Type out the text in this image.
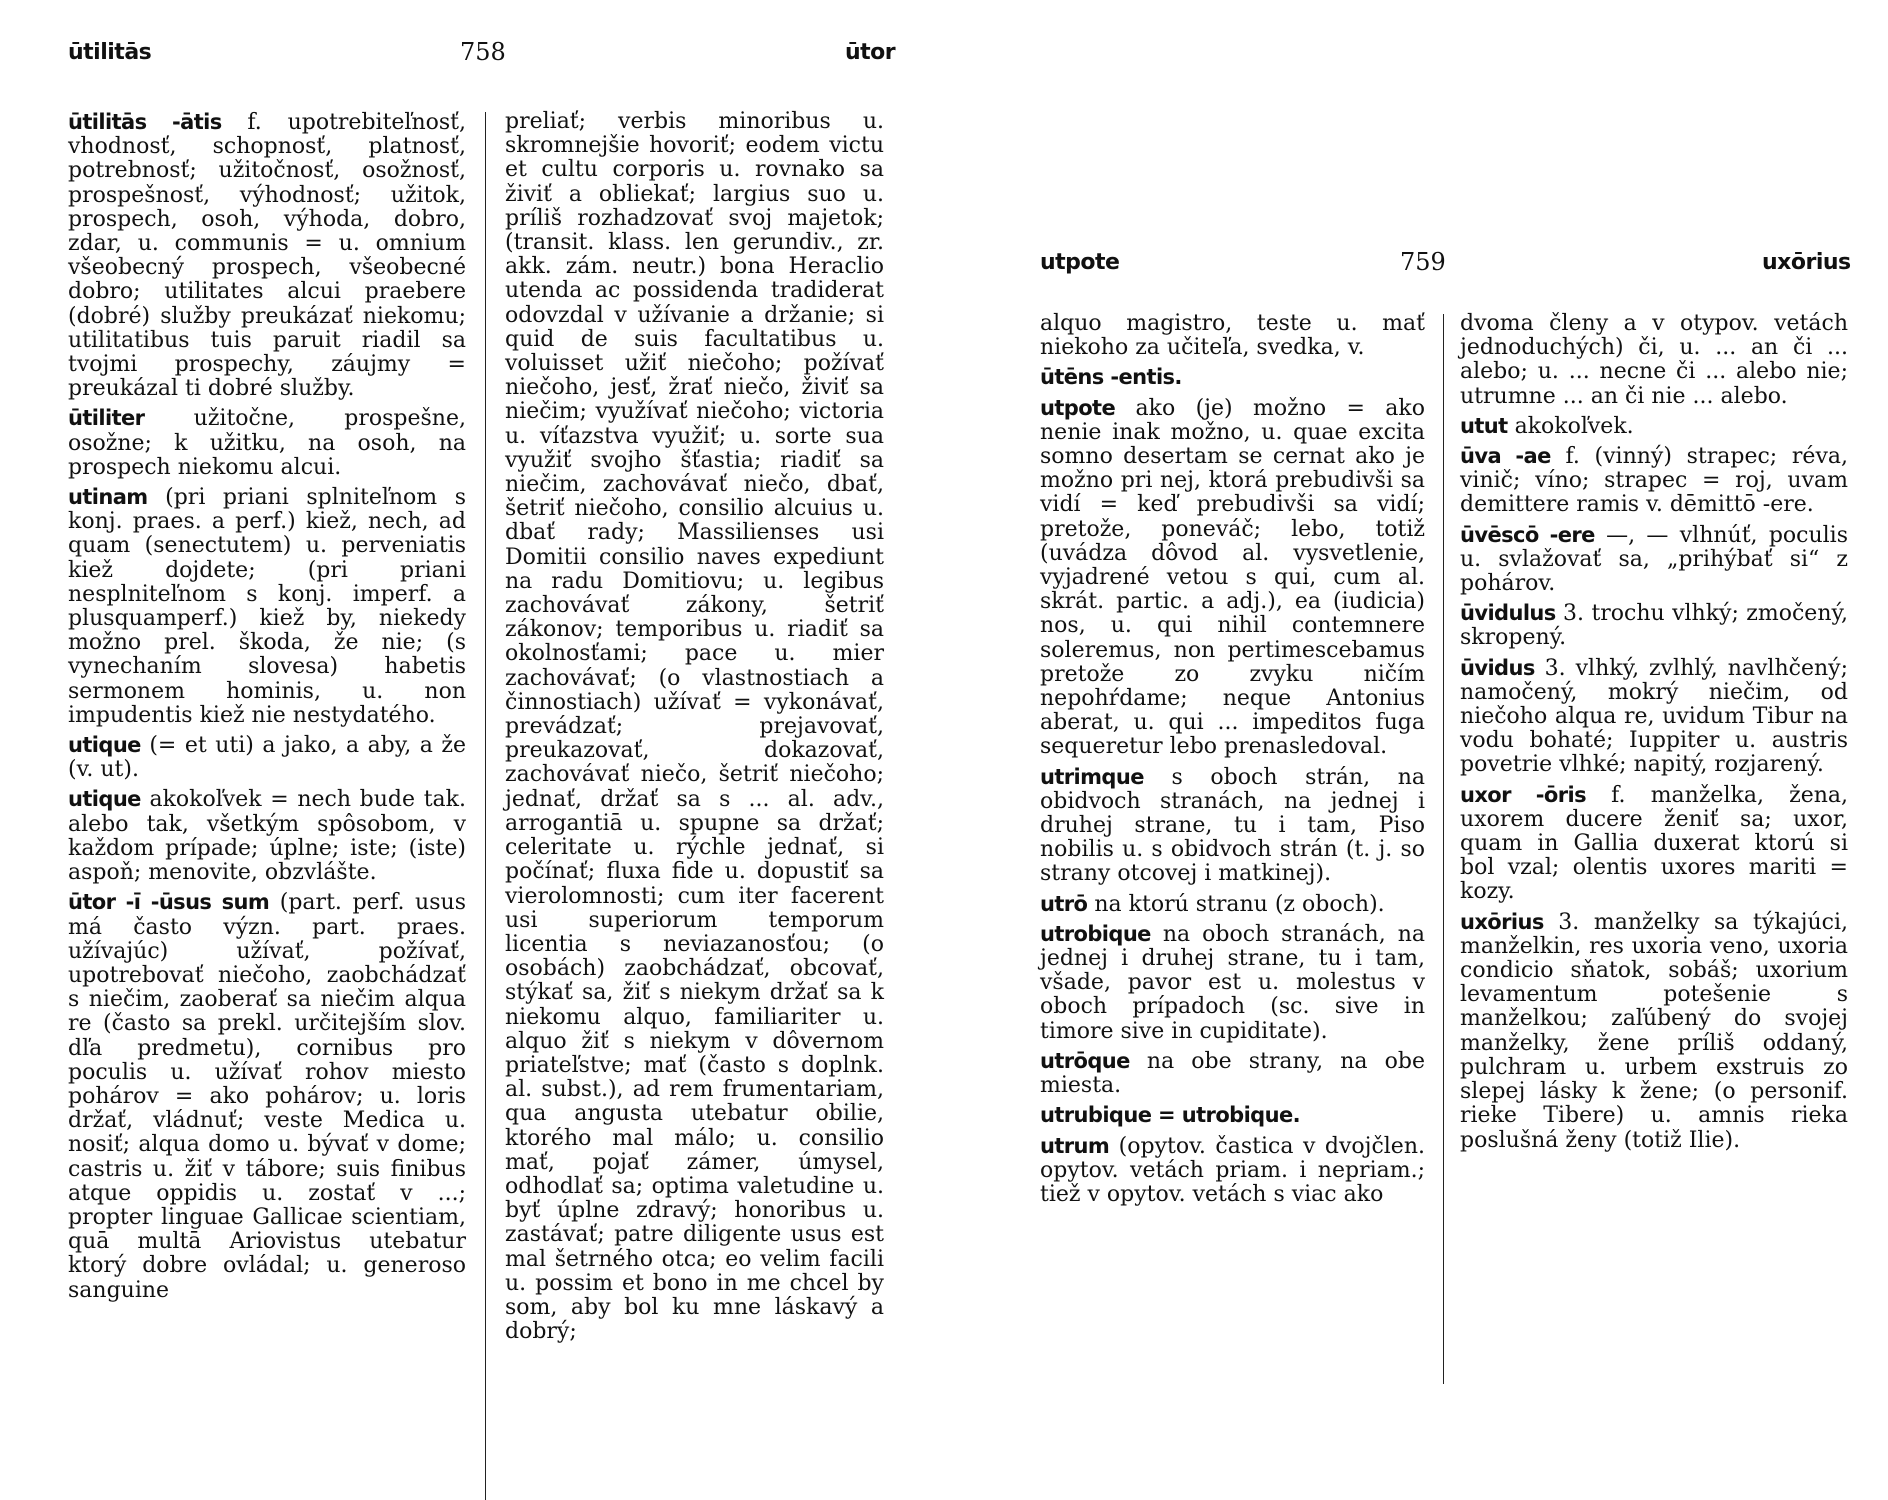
ūtilitās	758	ūtor

ūtilitās -ātis f. upotrebiteľnosť, vhodnosť, schopnosť, platnosť, potrebnosť; užitočnosť, osožnosť, prospešnosť, výhodnosť; užitok, prospech, osoh, výhoda, dobro, zdar, u. communis = u. omnium všeobecný prospech, všeobecné dobro; utilitates alcui praebere (dobré) služby preukázať niekomu; utilitatibus tuis paruit riadil sa tvojmi prospechy, záujmy = preukázal ti dobré služby.

ūtiliter užitočne, prospešne, osožne; k užitku, na osoh, na prospech niekomu alcui.

utinam (pri priani splniteľnom s konj. praes. a perf.) kiež, nech, ad quam (senectutem) u. perveniatis kiež dojdete; (pri priani nesplniteľnom s konj. imperf. a plusquamperf.) kiež by, niekedy možno prel. škoda, že nie; (s vynechaním slovesa) habetis sermonem hominis, u. non impudentis kiež nie nestydatého.

utique (= et uti) a jako, a aby, a že (v. ut).

utique akokoľvek = nech bude tak. alebo tak, všetkým spôsobom, v každom prípade; úplne; iste; (iste) aspoň; menovite, obzvlášte.

ūtor -ī -ūsus sum (part. perf. usus má často význ. part. praes. užívajúc) užívať, požívať, upotrebovať niečoho, zaobchádzať s niečim, zaoberať sa niečim alqua re (často sa prekl. určitejším slov. dľa predmetu), cornibus pro poculis u. užívať rohov miesto pohárov = ako pohárov; u. loris držať, vládnuť; veste Medica u. nosiť; alqua domo u. bývať v dome; castris u. žiť v tábore; suis finibus atque oppidis u. zostať v ...; propter linguae Gallicae scientiam, quā multā Ariovistus utebatur ktorý dobre ovládal; u. generoso sanguine

preliať; verbis minoribus u. skromnejšie hovoriť; eodem victu et cultu corporis u. rovnako sa živiť a obliekať; largius suo u. príliš rozhadzovať svoj majetok; (transit. klass. len gerundiv., zr. akk. zám. neutr.) bona Heraclio utenda ac possidenda tradiderat odovzdal v užívanie a držanie; si quid de suis facultatibus u. voluisset užiť niečoho; požívať niečoho, jesť, žrať niečo, živiť sa niečim; využívať niečoho; victoria u. víťazstva využiť; u. sorte sua využiť svojho šťastia; riadiť sa niečim, zachovávať niečo, dbať, šetriť niečoho, consilio alcuius u. dbať rady; Massilienses usi Domitii consilio naves expediunt na radu Domitiovu; u. legibus zachovávať zákony, šetriť zákonov; temporibus u. riadiť sa okolnosťami; pace u. mier zachovávať; (o vlastnostiach a činnostiach) užívať = vykonávať, prevádzať; prejavovať, preukazovať, dokazovať, zachovávať niečo, šetriť niečoho; jednať, držať sa s ... al. adv., arrogantiā u. spupne sa držať; celeritate u. rýchle jednať, si počínať; fluxa fide u. dopustiť sa vierolomnosti; cum iter facerent usi superiorum temporum licentia s neviazanosťou; (o osobách) zaobchádzať, obcovať, stýkať sa, žiť s niekym držať sa k niekomu alquo, familiariter u. alquo žiť s niekym v dôvernom priateľstve; mať (často s doplnk. al. subst.), ad rem frumentariam, qua angusta utebatur obilie, ktorého mal málo; u. consilio mať, pojať zámer, úmysel, odhodlať sa; optima valetudine u. byť úplne zdravý; honoribus u. zastávať; patre diligente usus est mal šetrného otca; eo velim facili u. possim et bono in me chcel by som, aby bol ku mne láskavý a dobrý;

utpote	759	uxōrius

alquo magistro, teste u. mať niekoho za učiteľa, svedka, v.

ūtēns -entis.

utpote ako (je) možno = ako nenie inak možno, u. quae excita somno desertam se cernat ako je možno pri nej, ktorá prebudivši sa vidí = keď prebudivši sa vidí; pretože, poneváč; lebo, totiž (uvádza dôvod al. vysvetlenie, vyjadrené vetou s qui, cum al. skrát. partic. a adj.), ea (iudicia) nos, u. qui nihil contemnere soleremus, non pertimescebamus pretože zo zvyku ničím nepohŕdame; neque Antonius aberat, u. qui ... impeditos fuga sequeretur lebo prenasledoval.

utrimque s oboch strán, na obidvoch stranách, na jednej i druhej strane, tu i tam, Piso nobilis u. s obidvoch strán (t. j. so strany otcovej i matkinej).

utrō na ktorú stranu (z oboch).

utrobique na oboch stranách, na jednej i druhej strane, tu i tam, všade, pavor est u. molestus v oboch prípadoch (sc. sive in timore sive in cupiditate).

utrōque na obe strany, na obe miesta.

utrubique = utrobique.

utrum (opytov. častica v dvojčlen. opytov. vetách priam. i nepriam.; tiež v opytov. vetách s viac ako

dvoma členy a v otypov. vetách jednoduchých) či, u. ... an či ... alebo; u. ... necne či ... alebo nie; utrumne ... an či nie ... alebo.

utut akokoľvek.

ūva -ae f. (vinný) strapec; réva, vinič; víno; strapec = roj, uvam demittere ramis v. dēmittō -ere.

ūvēscō -ere —, — vlhnúť, poculis u. svlažovať sa, „prihýbať si“ z pohárov.

ūvidulus 3. trochu vlhký; zmočený, skropený.

ūvidus 3. vlhký, zvlhlý, navlhčený; namočený, mokrý niečim, od niečoho alqua re, uvidum Tibur na vodu bohaté; Iuppiter u. austris povetrie vlhké; napitý, rozjarený.

uxor -ōris f. manželka, žena, uxorem ducere ženiť sa; uxor, quam in Gallia duxerat ktorú si bol vzal; olentis uxores mariti = kozy.

uxōrius 3. manželky sa týkajúci, manželkin, res uxoria veno, uxoria condicio sňatok, sobáš; uxorium levamentum potešenie s manželkou; zaľúbený do svojej manželky, žene príliš oddaný, pulchram u. urbem exstruis zo slepej lásky k žene; (o personif. rieke Tibere) u. amnis rieka poslušná ženy (totiž Ilie).
